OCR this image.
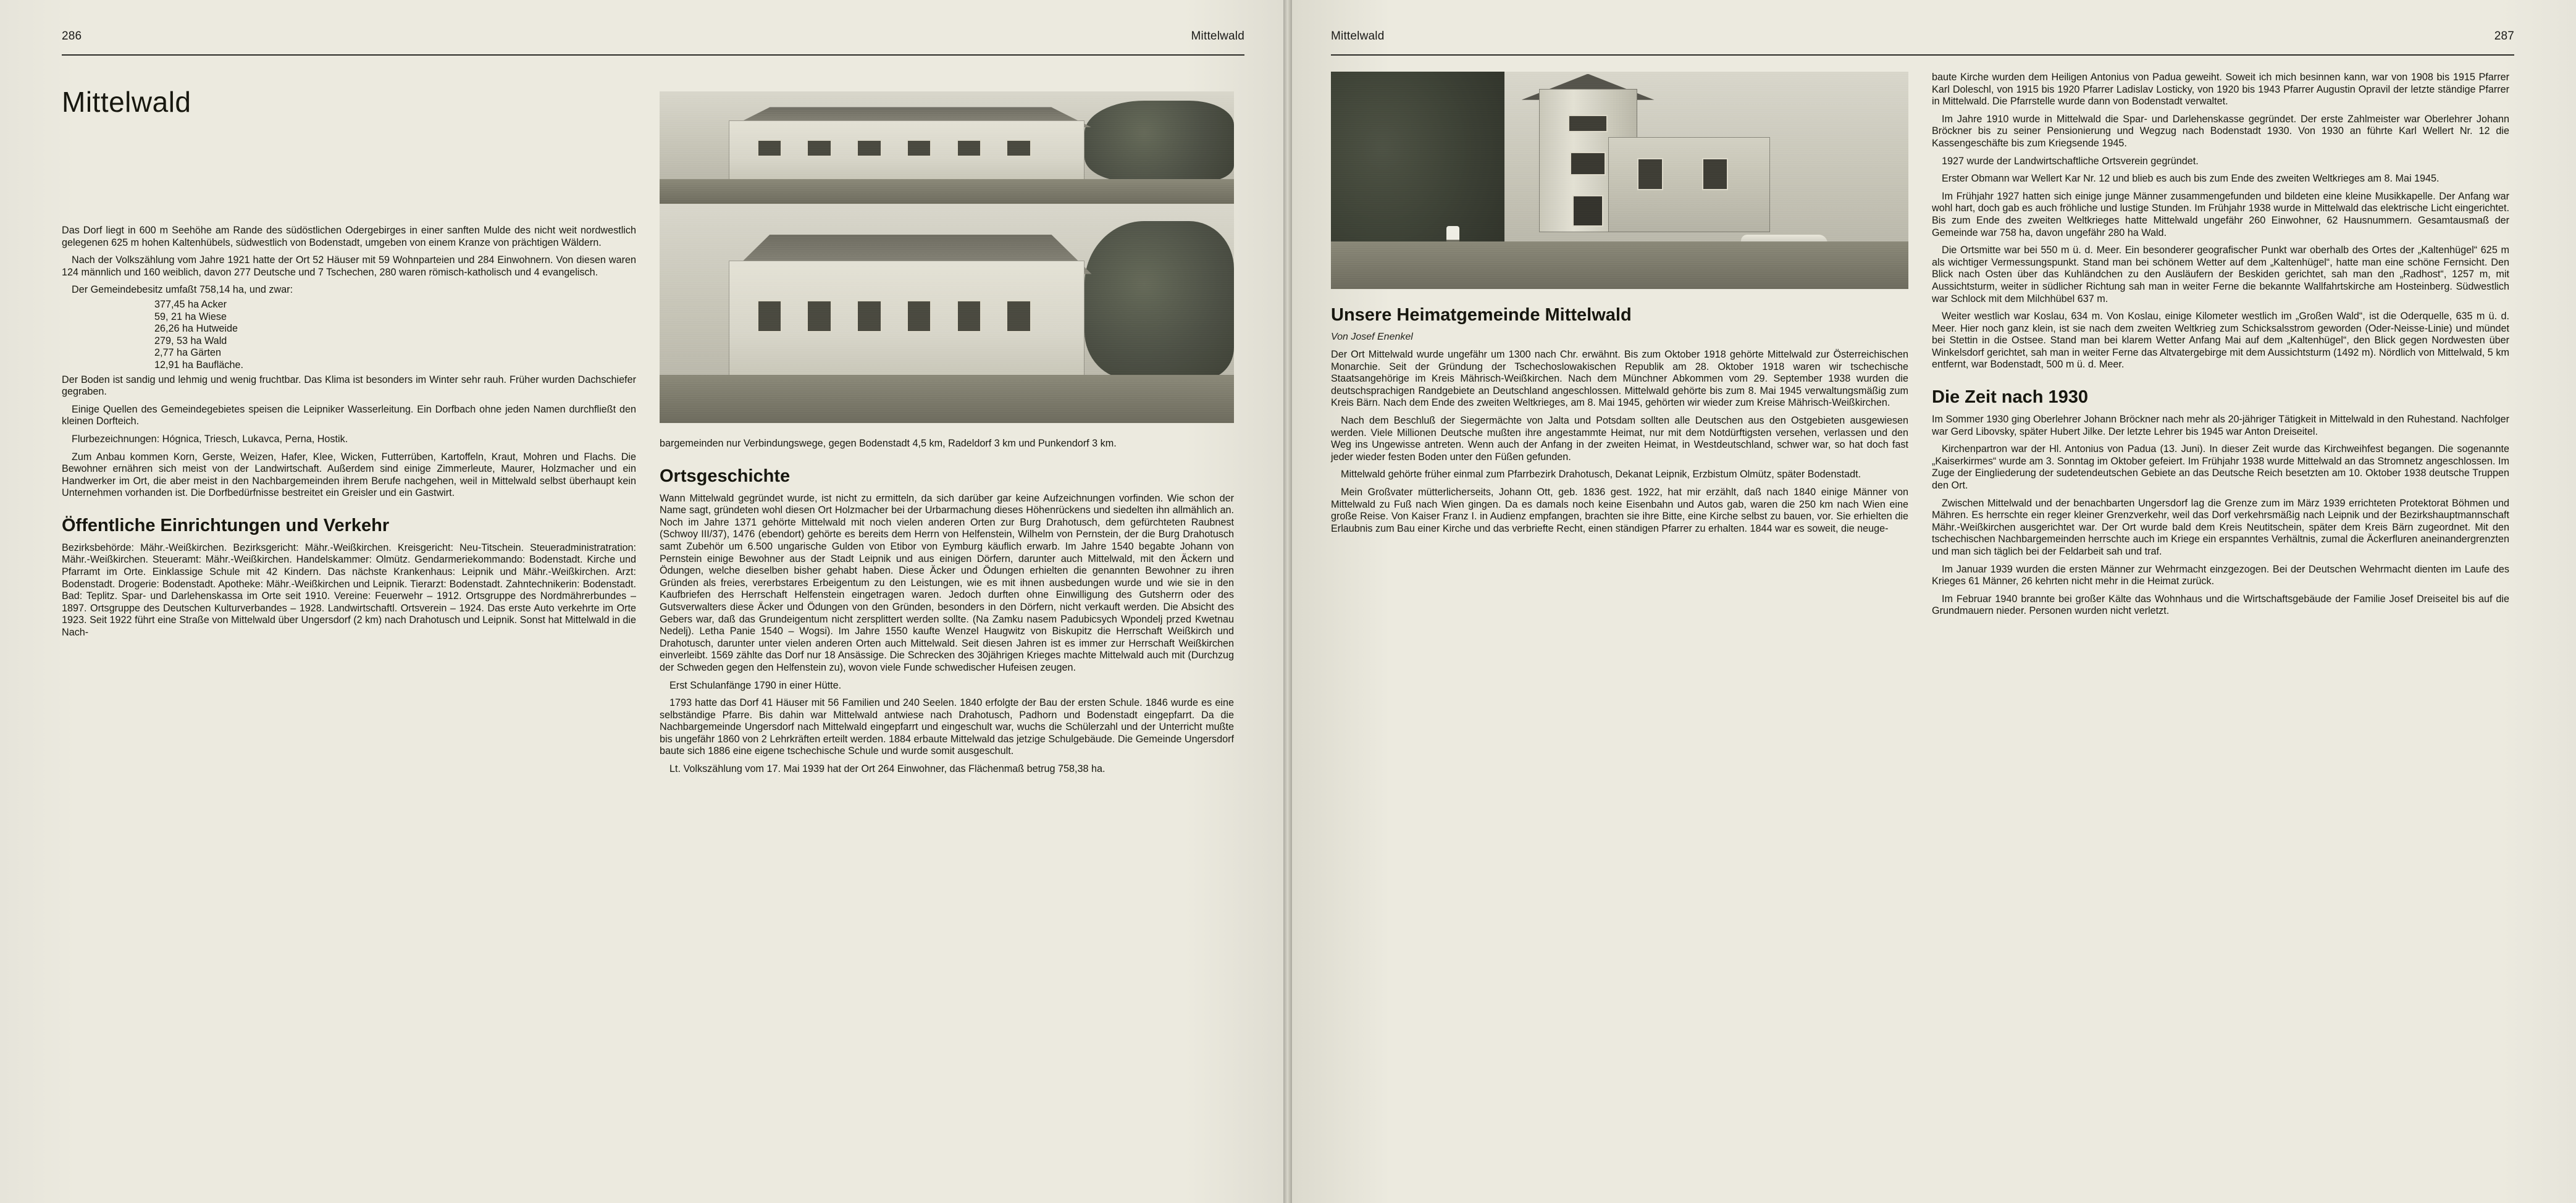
286	Mittelwald
Mittelwald

Das Dorf liegt in 600 m Seehöhe am Rande des südöstlichen Odergebirges in einer sanften Mulde des nicht weit nordwestlich gelegenen 625 m hohen Kaltenhübels, südwestlich von Bodenstadt, umgeben von einem Kranze von prächtigen Wäldern.

Nach der Volkszählung vom Jahre 1921 hatte der Ort 52 Häuser mit 59 Wohnparteien und 284 Einwohnern. Von diesen waren 124 männlich und 160 weiblich, davon 277 Deutsche und 7 Tschechen, 280 waren römisch-katholisch und 4 evangelisch.

Der Gemeindebesitz umfaßt 758,14 ha, und zwar:

377,45 ha Acker
59, 21 ha Wiese
26,26 ha Hutweide
279, 53 ha Wald
2,77 ha Gärten
12,91 ha Baufläche.

Der Boden ist sandig und lehmig und wenig fruchtbar. Das Klima ist besonders im Winter sehr rauh. Früher wurden Dachschiefer gegraben.

Einige Quellen des Gemeindegebietes speisen die Leipniker Wasserleitung. Ein Dorfbach ohne jeden Namen durchfließt den kleinen Dorfteich.

Flurbezeichnungen: Hógnica, Triesch, Lukavca, Perna, Hostik.

Zum Anbau kommen Korn, Gerste, Weizen, Hafer, Klee, Wicken, Futterrüben, Kartoffeln, Kraut, Mohren und Flachs. Die Bewohner ernähren sich meist von der Landwirtschaft. Außerdem sind einige Zimmerleute, Maurer, Holzmacher und ein Handwerker im Ort, die aber meist in den Nachbargemeinden ihrem Berufe nachgehen, weil in Mittelwald selbst überhaupt kein Unternehmen vorhanden ist. Die Dorfbedürfnisse bestreitet ein Greisler und ein Gastwirt.

Öffentliche Einrichtungen und Verkehr

Bezirksbehörde: Mähr.-Weißkirchen. Bezirksgericht: Mähr.-Weißkirchen. Kreisgericht: Neu-Titschein. Steueradministratration: Mähr.-Weißkirchen. Steueramt: Mähr.-Weißkirchen. Handelskammer: Olmütz. Gendarmeriekommando: Bodenstadt. Kirche und Pfarramt im Orte. Einklassige Schule mit 42 Kindern. Das nächste Krankenhaus: Leipnik und Mähr.-Weißkirchen. Arzt: Bodenstadt. Drogerie: Bodenstadt. Apotheke: Mähr.-Weißkirchen und Leipnik. Tierarzt: Bodenstadt. Zahntechnikerin: Bodenstadt. Bad: Teplitz. Spar- und Darlehenskassa im Orte seit 1910. Vereine: Feuerwehr – 1912. Ortsgruppe des Nordmährerbundes – 1897. Ortsgruppe des Deutschen Kulturverbandes – 1928. Landwirtschaftl. Ortsverein – 1924. Das erste Auto verkehrte im Orte 1923. Seit 1922 führt eine Straße von Mittelwald über Ungersdorf (2 km) nach Drahotusch und Leipnik. Sonst hat Mittelwald in die Nach-

bargemeinden nur Verbindungswege, gegen Bodenstadt 4,5 km, Radeldorf 3 km und Punkendorf 3 km.

Ortsgeschichte

Wann Mittelwald gegründet wurde, ist nicht zu ermitteln, da sich darüber gar keine Aufzeichnungen vorfinden. Wie schon der Name sagt, gründeten wohl diesen Ort Holzmacher bei der Urbarmachung dieses Höhenrückens und siedelten ihn allmählich an. Noch im Jahre 1371 gehörte Mittelwald mit noch vielen anderen Orten zur Burg Drahotusch, dem gefürchteten Raubnest (Schwoy III/37), 1476 (ebendort) gehörte es bereits dem Herrn von Helfenstein, Wilhelm von Pernstein, der die Burg Drahotusch samt Zubehör um 6.500 ungarische Gulden von Etibor von Eymburg käuflich erwarb. Im Jahre 1540 begabte Johann von Pernstein einige Bewohner aus der Stadt Leipnik und aus einigen Dörfern, darunter auch Mittelwald, mit den Äckern und Ödungen, welche dieselben bisher gehabt haben. Diese Äcker und Ödungen erhielten die genannten Bewohner zu ihren Gründen als freies, vererbstares Erbeigentum zu den Leistungen, wie es mit ihnen ausbedungen wurde und wie sie in den Kaufbriefen des Herrschaft Helfenstein eingetragen waren. Jedoch durften ohne Einwilligung des Gutsherrn oder des Gutsverwalters diese Äcker und Ödungen von den Gründen, besonders in den Dörfern, nicht verkauft werden. Die Absicht des Gebers war, daß das Grundeigentum nicht zersplittert werden sollte. (Na Zamku nasem Padubicsych Wpondelj przed Kwetnau Nedelj). Letha Panie 1540 – Wogsi). Im Jahre 1550 kaufte Wenzel Haugwitz von Biskupitz die Herrschaft Weißkirch und Drahotusch, darunter unter vielen anderen Orten auch Mittelwald. Seit diesen Jahren ist es immer zur Herrschaft Weißkirchen einverleibt. 1569 zählte das Dorf nur 18 Ansässige. Die Schrecken des 30jährigen Krieges machte Mittelwald auch mit (Durchzug der Schweden gegen den Helfenstein zu), wovon viele Funde schwedischer Hufeisen zeugen.

Erst Schulanfänge 1790 in einer Hütte.

1793 hatte das Dorf 41 Häuser mit 56 Familien und 240 Seelen. 1840 erfolgte der Bau der ersten Schule. 1846 wurde es eine selbständige Pfarre. Bis dahin war Mittelwald antwiese nach Drahotusch, Padhorn und Bodenstadt eingepfarrt. Da die Nachbargemeinde Ungersdorf nach Mittelwald eingepfarrt und eingeschult war, wuchs die Schülerzahl und der Unterricht mußte bis ungefähr 1860 von 2 Lehrkräften erteilt werden. 1884 erbaute Mittelwald das jetzige Schulgebäude. Die Gemeinde Ungersdorf baute sich 1886 eine eigene tschechische Schule und wurde somit ausgeschult.

Lt. Volkszählung vom 17. Mai 1939 hat der Ort 264 Einwohner, das Flächenmaß betrug 758,38 ha.

Mittelwald	287
Unsere Heimatgemeinde Mittelwald
Von Josef Enenkel

Der Ort Mittelwald wurde ungefähr um 1300 nach Chr. erwähnt. Bis zum Oktober 1918 gehörte Mittelwald zur Österreichischen Monarchie. Seit der Gründung der Tschechoslowakischen Republik am 28. Oktober 1918 waren wir tschechische Staatsangehörige im Kreis Mährisch-Weißkirchen. Nach dem Münchner Abkommen vom 29. September 1938 wurden die deutschsprachigen Randgebiete an Deutschland angeschlossen. Mittelwald gehörte bis zum 8. Mai 1945 verwaltungsmäßig zum Kreis Bärn. Nach dem Ende des zweiten Weltkrieges, am 8. Mai 1945, gehörten wir wieder zum Kreise Mährisch-Weißkirchen.

Nach dem Beschluß der Siegermächte von Jalta und Potsdam sollten alle Deutschen aus den Ostgebieten ausgewiesen werden. Viele Millionen Deutsche mußten ihre angestammte Heimat, nur mit dem Notdürftigsten versehen, verlassen und den Weg ins Ungewisse antreten. Wenn auch der Anfang in der zweiten Heimat, in Westdeutschland, schwer war, so hat doch fast jeder wieder festen Boden unter den Füßen gefunden.

Mittelwald gehörte früher einmal zum Pfarrbezirk Drahotusch, Dekanat Leipnik, Erzbistum Olmütz, später Bodenstadt.

Mein Großvater mütterlicherseits, Johann Ott, geb. 1836 gest. 1922, hat mir erzählt, daß nach 1840 einige Männer von Mittelwald zu Fuß nach Wien gingen. Da es damals noch keine Eisenbahn und Autos gab, waren die 250 km nach Wien eine große Reise. Von Kaiser Franz I. in Audienz empfangen, brachten sie ihre Bitte, eine Kirche selbst zu bauen, vor. Sie erhielten die Erlaubnis zum Bau einer Kirche und das verbriefte Recht, einen ständigen Pfarrer zu erhalten. 1844 war es soweit, die neuge-

baute Kirche wurden dem Heiligen Antonius von Padua geweiht. Soweit ich mich besinnen kann, war von 1908 bis 1915 Pfarrer Karl Doleschl, von 1915 bis 1920 Pfarrer Ladislav Losticky, von 1920 bis 1943 Pfarrer Augustin Opravil der letzte ständige Pfarrer in Mittelwald. Die Pfarrstelle wurde dann von Bodenstadt verwaltet.

Im Jahre 1910 wurde in Mittelwald die Spar- und Darlehenskasse gegründet. Der erste Zahlmeister war Oberlehrer Johann Bröckner bis zu seiner Pensionierung und Wegzug nach Bodenstadt 1930. Von 1930 an führte Karl Wellert Nr. 12 die Kassengeschäfte bis zum Kriegsende 1945.

1927 wurde der Landwirtschaftliche Ortsverein gegründet.

Erster Obmann war Wellert Kar Nr. 12 und blieb es auch bis zum Ende des zweiten Weltkrieges am 8. Mai 1945.

Im Frühjahr 1927 hatten sich einige junge Männer zusammengefunden und bildeten eine kleine Musikkapelle. Der Anfang war wohl hart, doch gab es auch fröhliche und lustige Stunden. Im Frühjahr 1938 wurde in Mittelwald das elektrische Licht eingerichtet. Bis zum Ende des zweiten Weltkrieges hatte Mittelwald ungefähr 260 Einwohner, 62 Hausnummern. Gesamtausmaß der Gemeinde war 758 ha, davon ungefähr 280 ha Wald.

Die Ortsmitte war bei 550 m ü. d. Meer. Ein besonderer geografischer Punkt war oberhalb des Ortes der „Kaltenhügel“ 625 m als wichtiger Vermessungspunkt. Stand man bei schönem Wetter auf dem „Kaltenhügel“, hatte man eine schöne Fernsicht. Den Blick nach Osten über das Kuhländchen zu den Ausläufern der Beskiden gerichtet, sah man den „Radhost“, 1257 m, mit Aussichtsturm, weiter in südlicher Richtung sah man in weiter Ferne die bekannte Wallfahrtskirche am Hosteinberg. Südwestlich war Schlock mit dem Milchhübel 637 m.

Weiter westlich war Koslau, 634 m. Von Koslau, einige Kilometer westlich im „Großen Wald“, ist die Oderquelle, 635 m ü. d. Meer. Hier noch ganz klein, ist sie nach dem zweiten Weltkrieg zum Schicksalsstrom geworden (Oder-Neisse-Linie) und mündet bei Stettin in die Ostsee. Stand man bei klarem Wetter Anfang Mai auf dem „Kaltenhügel“, den Blick gegen Nordwesten über Winkelsdorf gerichtet, sah man in weiter Ferne das Altvatergebirge mit dem Aussichtsturm (1492 m). Nördlich von Mittelwald, 5 km entfernt, war Bodenstadt, 500 m ü. d. Meer.

Die Zeit nach 1930

Im Sommer 1930 ging Oberlehrer Johann Bröckner nach mehr als 20-jähriger Tätigkeit in Mittelwald in den Ruhestand. Nachfolger war Gerd Libovsky, später Hubert Jilke. Der letzte Lehrer bis 1945 war Anton Dreiseitel.

Kirchenpartron war der Hl. Antonius von Padua (13. Juni). In dieser Zeit wurde das Kirchweihfest begangen. Die sogenannte „Kaiserkirmes“ wurde am 3. Sonntag im Oktober gefeiert. Im Frühjahr 1938 wurde Mittelwald an das Stromnetz angeschlossen. Im Zuge der Eingliederung der sudetendeutschen Gebiete an das Deutsche Reich besetzten am 10. Oktober 1938 deutsche Truppen den Ort.

Zwischen Mittelwald und der benachbarten Ungersdorf lag die Grenze zum im März 1939 errichteten Protektorat Böhmen und Mähren. Es herrschte ein reger kleiner Grenzverkehr, weil das Dorf verkehrsmäßig nach Leipnik und der Bezirkshauptmannschaft Mähr.-Weißkirchen ausgerichtet war. Der Ort wurde bald dem Kreis Neutitschein, später dem Kreis Bärn zugeordnet. Mit den tschechischen Nachbargemeinden herrschte auch im Kriege ein erspanntes Verhältnis, zumal die Äckerfluren aneinandergrenzten und man sich täglich bei der Feldarbeit sah und traf.

Im Januar 1939 wurden die ersten Männer zur Wehrmacht einzgezogen. Bei der Deutschen Wehrmacht dienten im Laufe des Krieges 61 Männer, 26 kehrten nicht mehr in die Heimat zurück.

Im Februar 1940 brannte bei großer Kälte das Wohnhaus und die Wirtschaftsgebäude der Familie Josef Dreiseitel bis auf die Grundmauern nieder. Personen wurden nicht verletzt.
